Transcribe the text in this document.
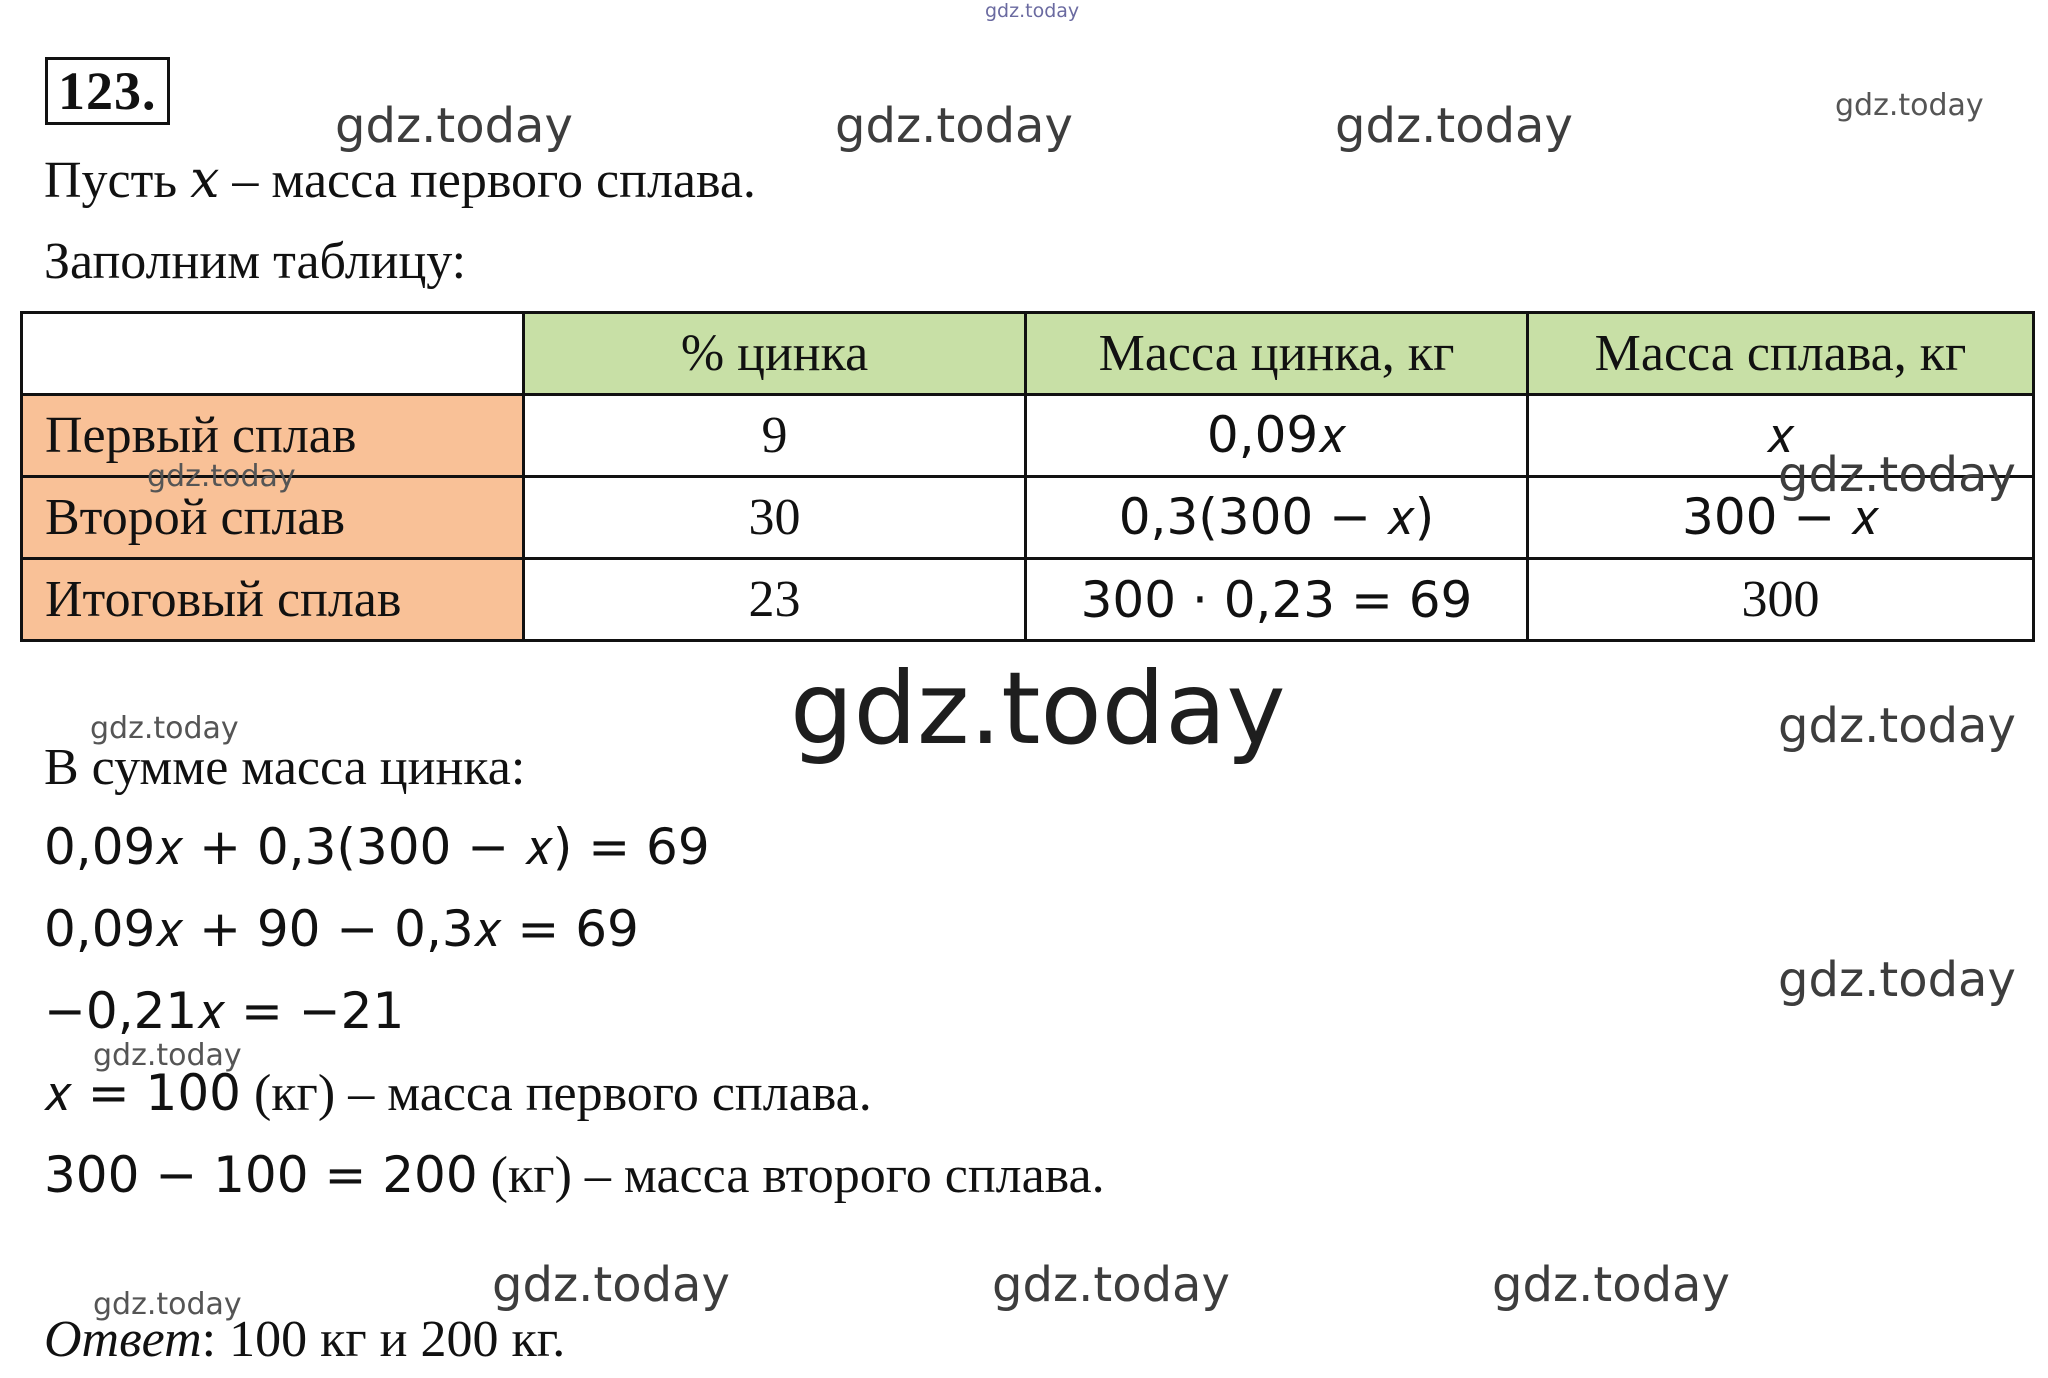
123.
Пусть x – масса первого сплава.
Заполним таблицу:
	% цинка	Масса цинка, кг	Масса сплава, кг
Первый сплав	9	0,09𝑥	𝑥
Второй сплав	30	0,3(300 − 𝑥)	300 − 𝑥
Итоговый сплав	23	300 · 0,23 = 69	300
В сумме масса цинка:
0,09𝑥 + 0,3(300 − 𝑥) = 69
0,09𝑥 + 90 − 0,3𝑥 = 69
−0,21𝑥 = −21
𝑥 = 100 (кг) – масса первого сплава.
300 − 100 = 200 (кг) – масса второго сплава.
Ответ: 100 кг и 200 кг.
gdz.today
gdz.today	gdz.today	gdz.today	gdz.today
gdz.today	gdz.today
gdz.today
gdz.today	gdz.today
gdz.today
gdz.today
gdz.today	gdz.today	gdz.today
gdz.today
